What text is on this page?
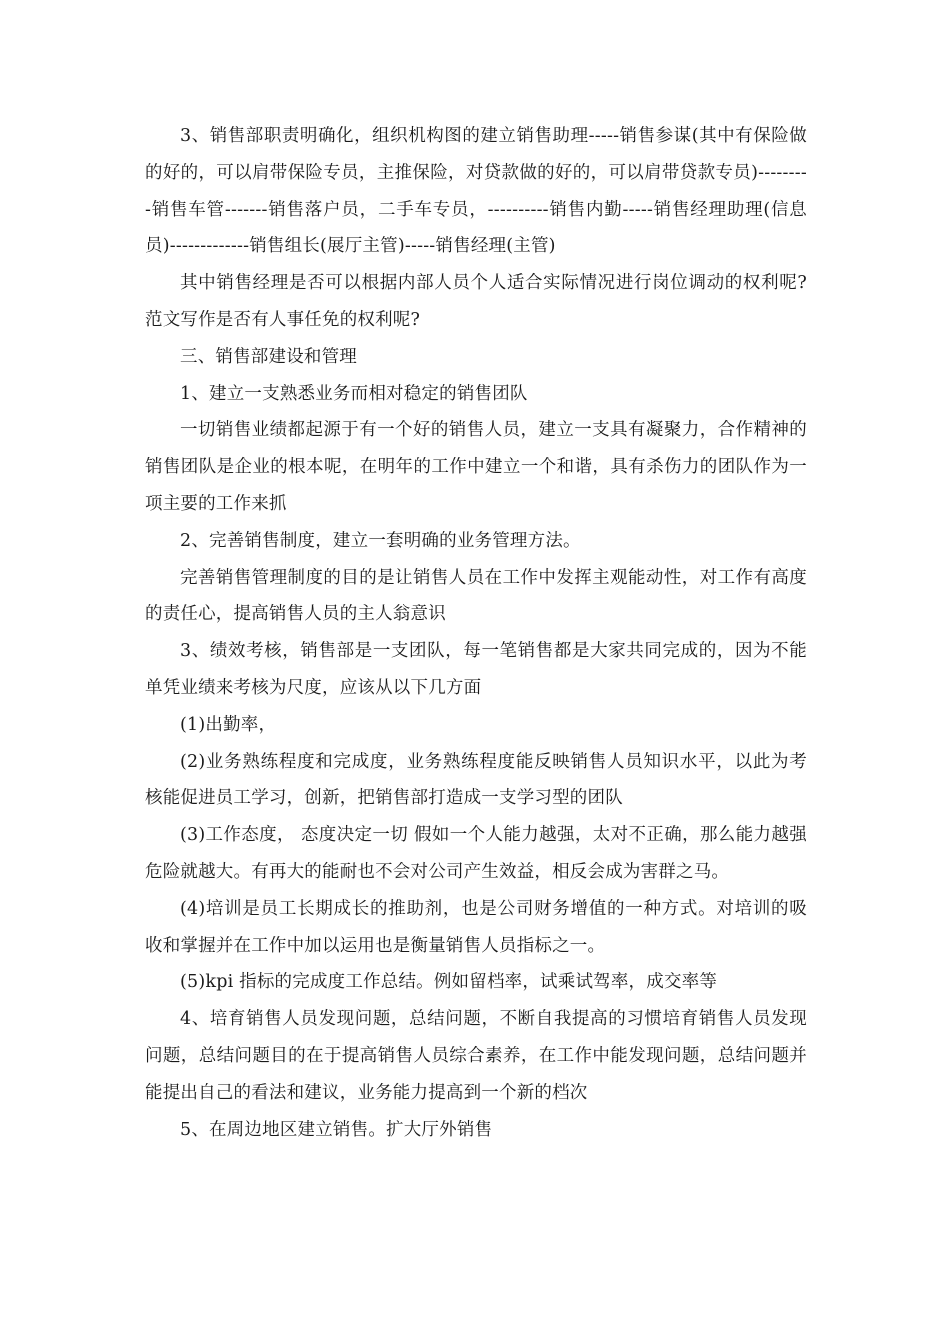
3、销售部职责明确化，组织机构图的建立销售助理-----销售参谋(其中有保险做的好的，可以肩带保险专员，主推保险，对贷款做的好的，可以肩带贷款专员)---------销售车管-------销售落户员，二手车专员，----------销售内勤-----销售经理助理(信息员)-------------销售组长(展厅主管)-----销售经理(主管)

其中销售经理是否可以根据内部人员个人适合实际情况进行岗位调动的权利呢?范文写作是否有人事任免的权利呢?

三、销售部建设和管理

1、建立一支熟悉业务而相对稳定的销售团队

一切销售业绩都起源于有一个好的销售人员，建立一支具有凝聚力，合作精神的销售团队是企业的根本呢，在明年的工作中建立一个和谐，具有杀伤力的团队作为一项主要的工作来抓

2、完善销售制度，建立一套明确的业务管理方法。

完善销售管理制度的目的是让销售人员在工作中发挥主观能动性，对工作有高度的责任心，提高销售人员的主人翁意识

3、绩效考核，销售部是一支团队，每一笔销售都是大家共同完成的，因为不能单凭业绩来考核为尺度，应该从以下几方面

(1)出勤率，

(2)业务熟练程度和完成度，业务熟练程度能反映销售人员知识水平，以此为考核能促进员工学习，创新，把销售部打造成一支学习型的团队

(3)工作态度， 态度决定一切 假如一个人能力越强，太对不正确，那么能力越强危险就越大。有再大的能耐也不会对公司产生效益，相反会成为害群之马。

(4)培训是员工长期成长的推助剂，也是公司财务增值的一种方式。对培训的吸收和掌握并在工作中加以运用也是衡量销售人员指标之一。

(5)kpi 指标的完成度工作总结。例如留档率，试乘试驾率，成交率等

4、培育销售人员发现问题，总结问题，不断自我提高的习惯培育销售人员发现问题，总结问题目的在于提高销售人员综合素养，在工作中能发现问题，总结问题并能提出自己的看法和建议，业务能力提高到一个新的档次

5、在周边地区建立销售。扩大厅外销售
